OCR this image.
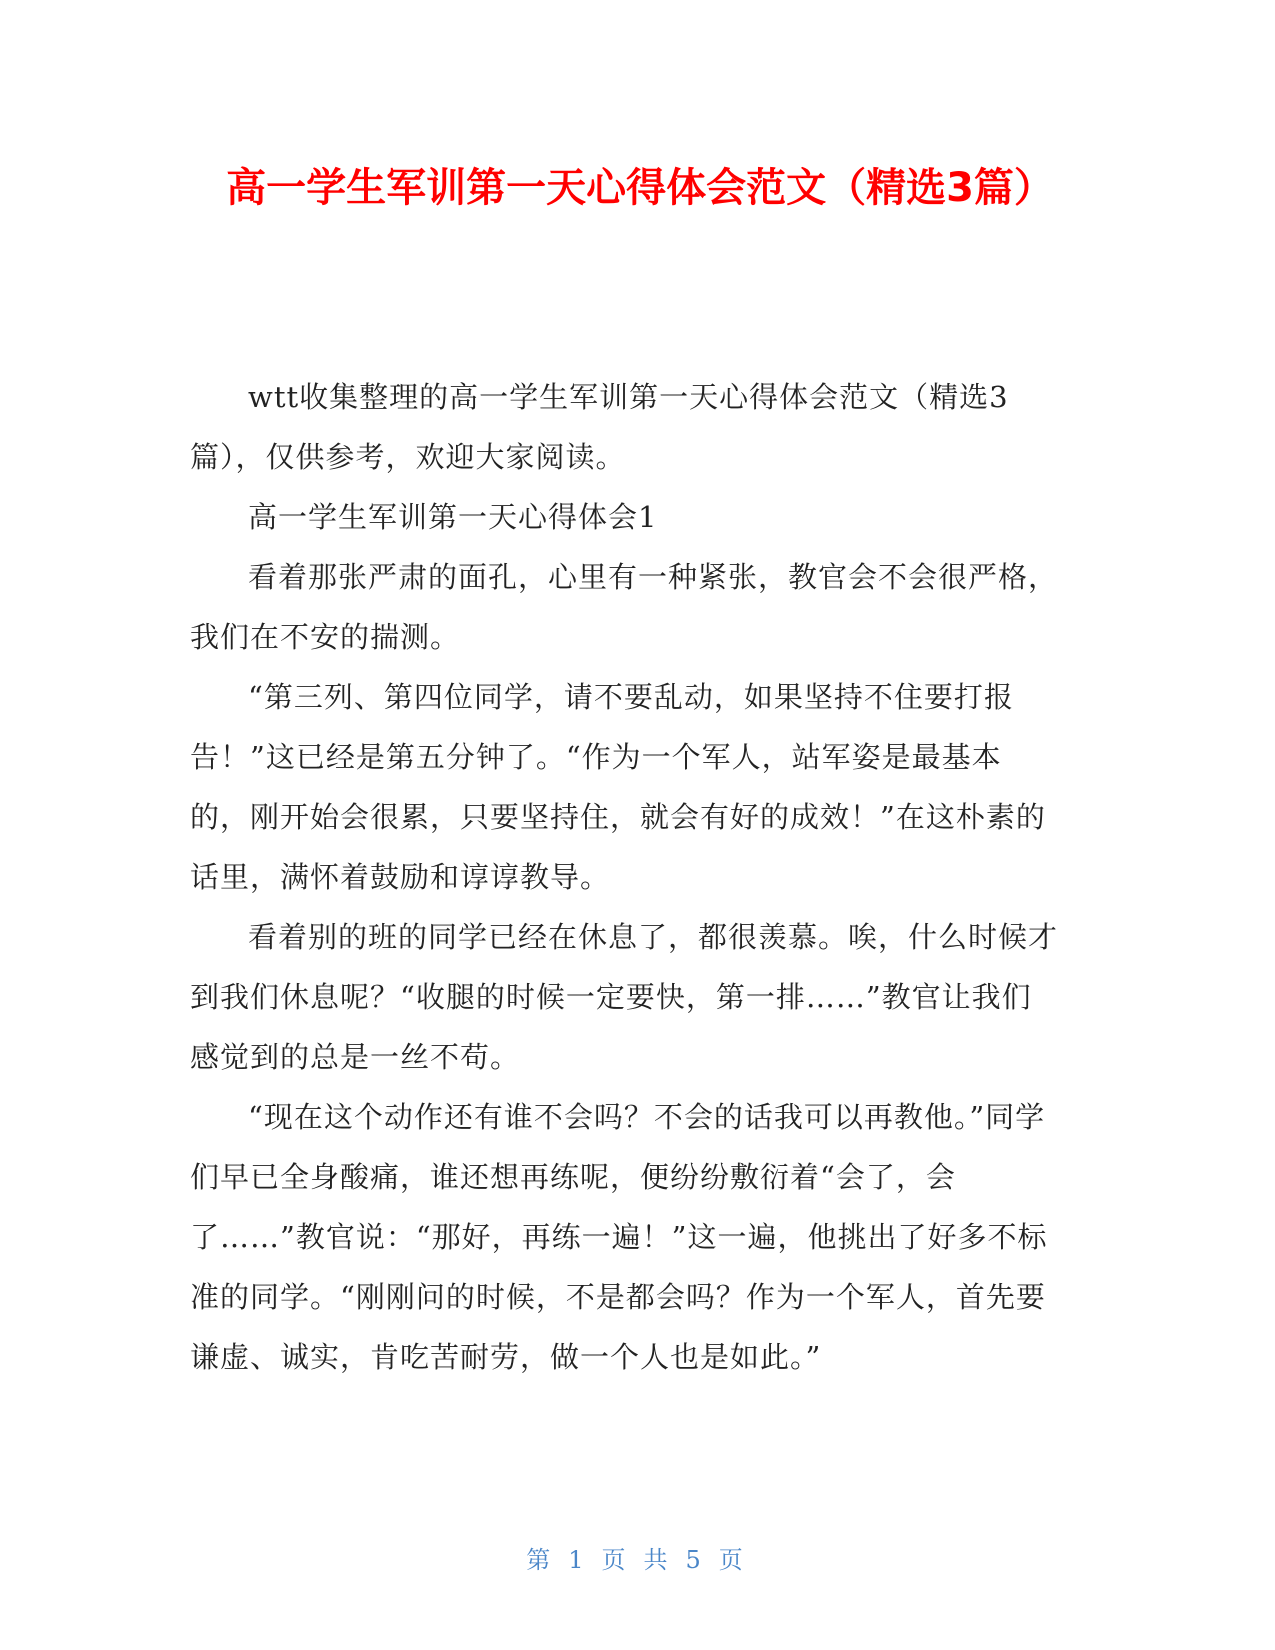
高一学生军训第一天心得体会范文（精选3篇）

wtt收集整理的高一学生军训第一天心得体会范文（精选3篇），仅供参考，欢迎大家阅读。

高一学生军训第一天心得体会1

看着那张严肃的面孔，心里有一种紧张，教官会不会很严格，我们在不安的揣测。

“第三列、第四位同学，请不要乱动，如果坚持不住要打报告！”这已经是第五分钟了。“作为一个军人，站军姿是最基本的，刚开始会很累，只要坚持住，就会有好的成效！”在这朴素的话里，满怀着鼓励和谆谆教导。

看着别的班的同学已经在休息了，都很羡慕。唉，什么时候才到我们休息呢？“收腿的时候一定要快，第一排……”教官让我们感觉到的总是一丝不苟。

“现在这个动作还有谁不会吗？不会的话我可以再教他。”同学们早已全身酸痛，谁还想再练呢，便纷纷敷衍着“会了，会了……”教官说：“那好，再练一遍！”这一遍，他挑出了好多不标准的同学。“刚刚问的时候，不是都会吗？作为一个军人，首先要谦虚、诚实，肯吃苦耐劳，做一个人也是如此。”

第 1 页 共 5 页
